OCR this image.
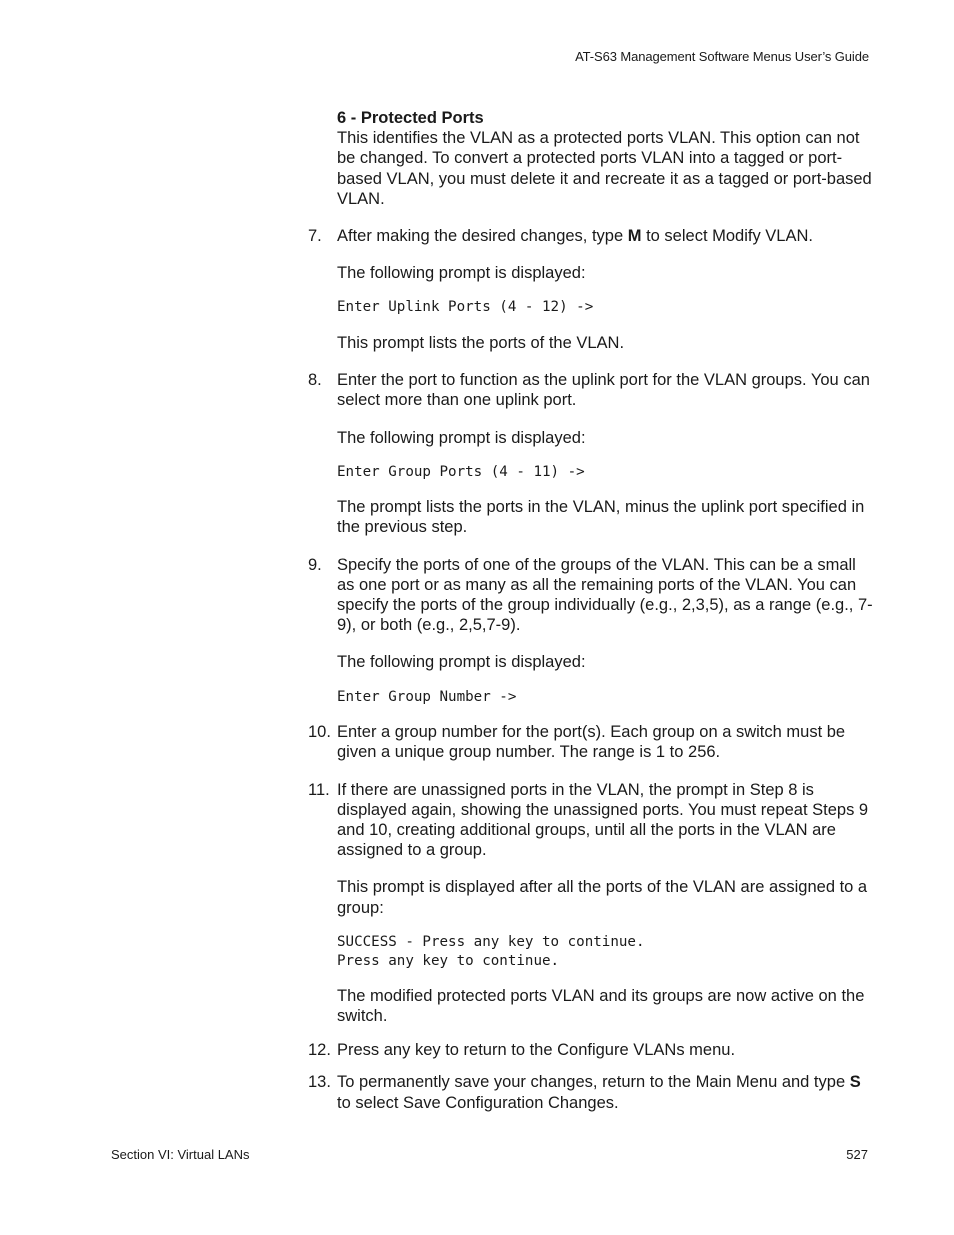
AT-S63 Management Software Menus User’s Guide

6 - Protected Ports

This identifies the VLAN as a protected ports VLAN. This option can not be changed. To convert a protected ports VLAN into a tagged or port-based VLAN, you must delete it and recreate it as a tagged or port-based VLAN.

7. After making the desired changes, type M to select Modify VLAN.

The following prompt is displayed:

Enter Uplink Ports (4 - 12) ->

This prompt lists the ports of the VLAN.

8. Enter the port to function as the uplink port for the VLAN groups. You can select more than one uplink port.

The following prompt is displayed:

Enter Group Ports (4 - 11) ->

The prompt lists the ports in the VLAN, minus the uplink port specified in the previous step.

9. Specify the ports of one of the groups of the VLAN. This can be a small as one port or as many as all the remaining ports of the VLAN. You can specify the ports of the group individually (e.g., 2,3,5), as a range (e.g., 7-9), or both (e.g., 2,5,7-9).

The following prompt is displayed:

Enter Group Number ->
10. Enter a group number for the port(s). Each group on a switch must be given a unique group number. The range is 1 to 256.
11. If there are unassigned ports in the VLAN, the prompt in Step 8 is displayed again, showing the unassigned ports. You must repeat Steps 9 and 10, creating additional groups, until all the ports in the VLAN are assigned to a group.

This prompt is displayed after all the ports of the VLAN are assigned to a group:

SUCCESS - Press any key to continue.
Press any key to continue.

The modified protected ports VLAN and its groups are now active on the switch.

12. Press any key to return to the Configure VLANs menu.
13. To permanently save your changes, return to the Main Menu and type S to select Save Configuration Changes.
Section VI: Virtual LANs	527
